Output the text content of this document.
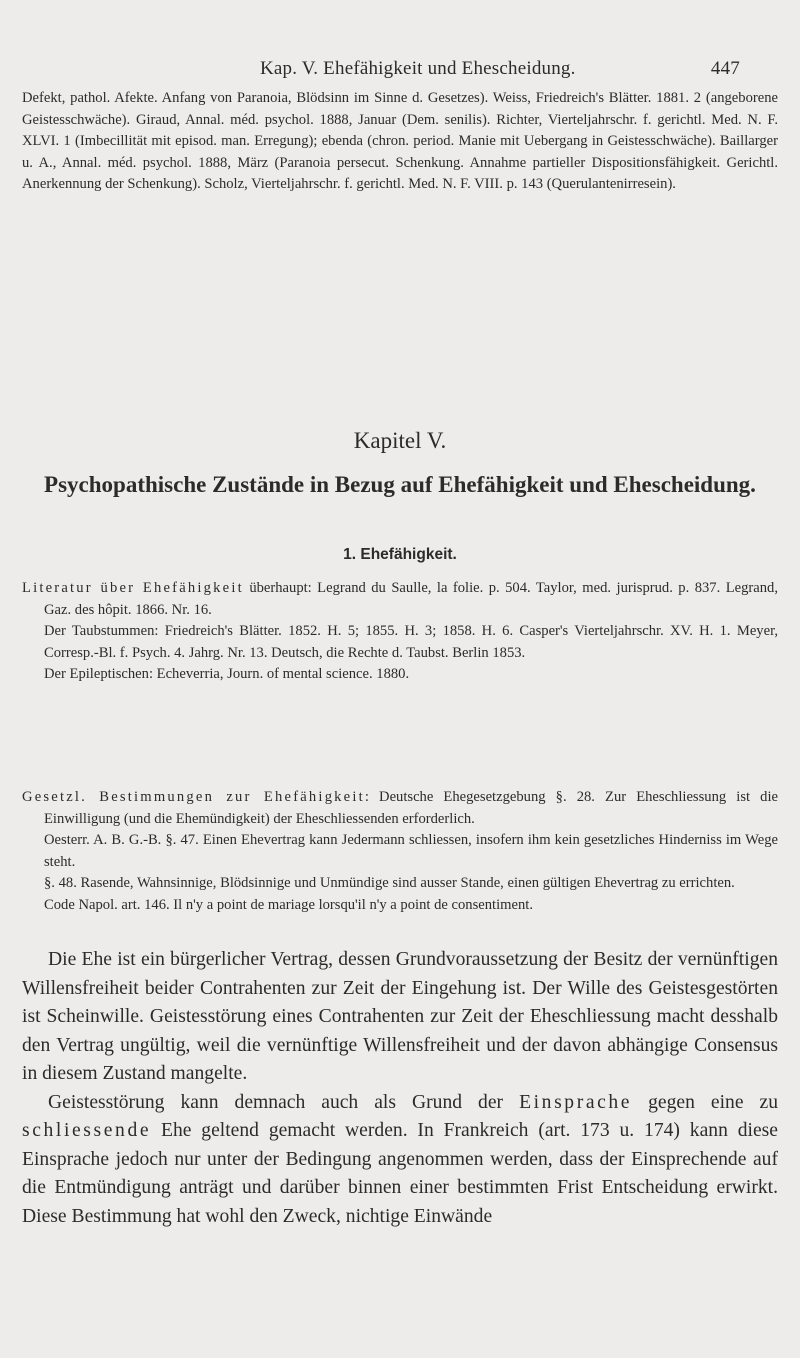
Kap. V. Ehefähigkeit und Ehescheidung.	447

Defekt, pathol. Afekte. Anfang von Paranoia, Blödsinn im Sinne d. Gesetzes). Weiss, Friedreich's Blätter. 1881. 2 (angeborene Geistesschwäche). Giraud, Annal. méd. psychol. 1888, Januar (Dem. senilis). Richter, Vierteljahrschr. f. gerichtl. Med. N. F. XLVI. 1 (Imbecillität mit episod. man. Erregung); ebenda (chron. period. Manie mit Uebergang in Geistesschwäche). Baillarger u. A., Annal. méd. psychol. 1888, März (Paranoia persecut. Schenkung. Annahme partieller Dispositionsfähigkeit. Gerichtl. Anerkennung der Schenkung). Scholz, Vierteljahrschr. f. gerichtl. Med. N. F. VIII. p. 143 (Querulantenirresein).

Kapitel V.
Psychopathische Zustände in Bezug auf Ehefähigkeit und Ehescheidung.
1. Ehefähigkeit.

Literatur über Ehefähigkeit überhaupt: Legrand du Saulle, la folie. p. 504. Taylor, med. jurisprud. p. 837. Legrand, Gaz. des hôpit. 1866. Nr. 16.

Der Taubstummen: Friedreich's Blätter. 1852. H. 5; 1855. H. 3; 1858. H. 6. Casper's Vierteljahrschr. XV. H. 1. Meyer, Corresp.-Bl. f. Psych. 4. Jahrg. Nr. 13. Deutsch, die Rechte d. Taubst. Berlin 1853.

Der Epileptischen: Echeverria, Journ. of mental science. 1880.

Gesetzl. Bestimmungen zur Ehefähigkeit: Deutsche Ehegesetzgebung §. 28. Zur Eheschliessung ist die Einwilligung (und die Ehemündigkeit) der Eheschliessenden erforderlich.

Oesterr. A. B. G.-B. §. 47. Einen Ehevertrag kann Jedermann schliessen, insofern ihm kein gesetzliches Hinderniss im Wege steht.

§. 48. Rasende, Wahnsinnige, Blödsinnige und Unmündige sind ausser Stande, einen gültigen Ehevertrag zu errichten.

Code Napol. art. 146. Il n'y a point de mariage lorsqu'il n'y a point de consentiment.

Die Ehe ist ein bürgerlicher Vertrag, dessen Grundvoraussetzung der Besitz der vernünftigen Willensfreiheit beider Contrahenten zur Zeit der Eingehung ist. Der Wille des Geistesgestörten ist Scheinwille. Geistesstörung eines Contrahenten zur Zeit der Eheschliessung macht desshalb den Vertrag ungültig, weil die vernünftige Willensfreiheit und der davon abhängige Consensus in diesem Zustand mangelte.

Geistesstörung kann demnach auch als Grund der Einsprache gegen eine zu schliessende Ehe geltend gemacht werden. In Frankreich (art. 173 u. 174) kann diese Einsprache jedoch nur unter der Bedingung angenommen werden, dass der Einsprechende auf die Entmündigung anträgt und darüber binnen einer bestimmten Frist Entscheidung erwirkt. Diese Bestimmung hat wohl den Zweck, nichtige Einwände
